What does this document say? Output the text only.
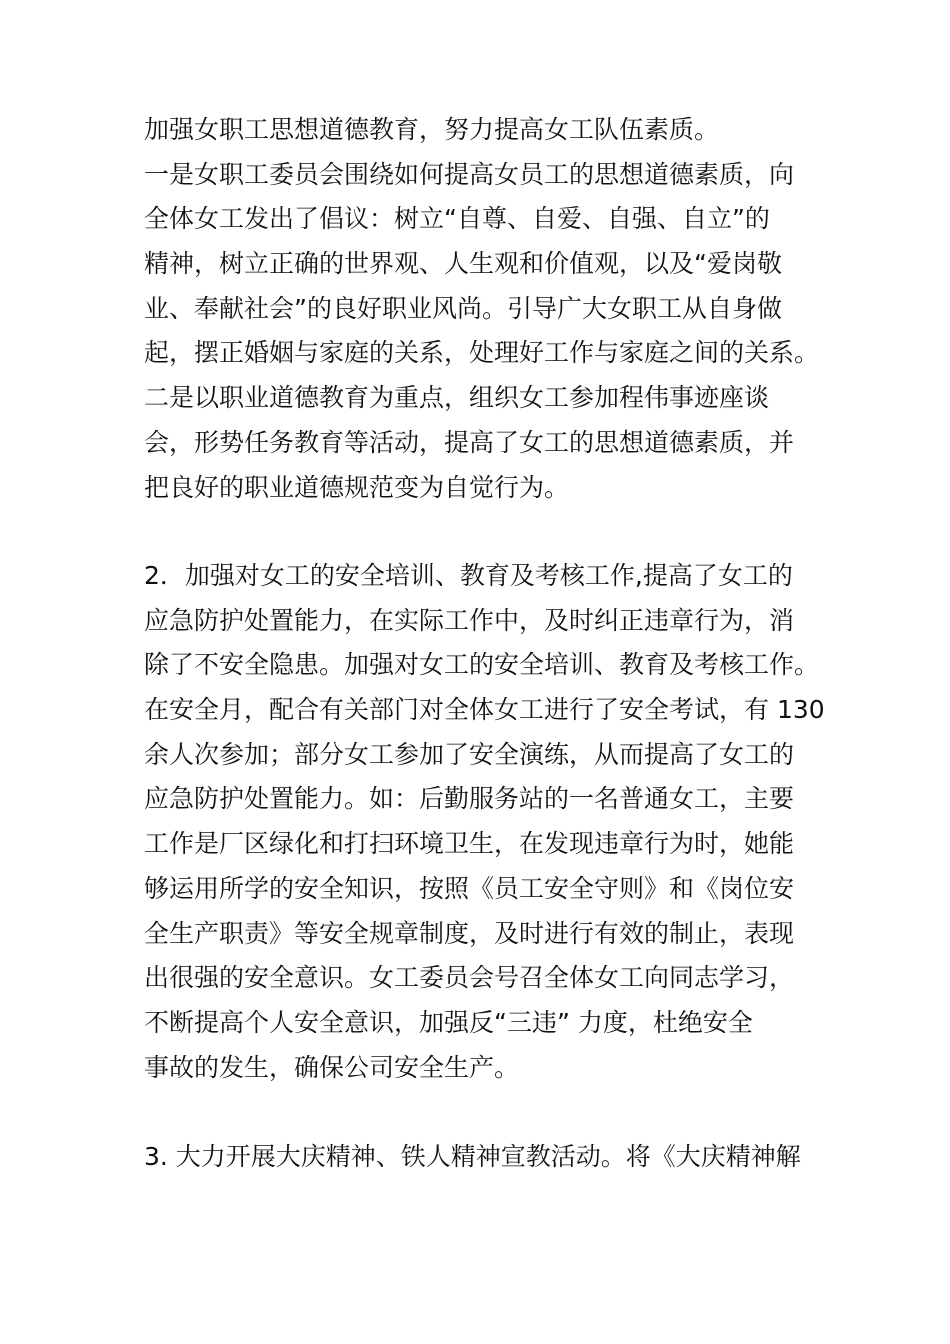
加强女职工思想道德教育，努力提高女工队伍素质。
一是女职工委员会围绕如何提高女员工的思想道德素质，向
全体女工发出了倡议：树立“自尊、自爱、自强、自立”的
精神，树立正确的世界观、人生观和价值观，以及“爱岗敬
业、奉献社会”的良好职业风尚。引导广大女职工从自身做
起，摆正婚姻与家庭的关系，处理好工作与家庭之间的关系。
二是以职业道德教育为重点，组织女工参加程伟事迹座谈
会，形势任务教育等活动，提高了女工的思想道德素质，并
把良好的职业道德规范变为自觉行为。
2．加强对女工的安全培训、教育及考核工作,提高了女工的
应急防护处置能力，在实际工作中，及时纠正违章行为，消
除了不安全隐患。加强对女工的安全培训、教育及考核工作。
在安全月，配合有关部门对全体女工进行了安全考试，有 130
余人次参加；部分女工参加了安全演练，从而提高了女工的
应急防护处置能力。如：后勤服务站的一名普通女工，主要
工作是厂区绿化和打扫环境卫生，在发现违章行为时，她能
够运用所学的安全知识，按照《员工安全守则》和《岗位安
全生产职责》等安全规章制度，及时进行有效的制止，表现
出很强的安全意识。女工委员会号召全体女工向同志学习，
不断提高个人安全意识，加强反“三违” 力度，杜绝安全
事故的发生，确保公司安全生产。
3. 大力开展大庆精神、铁人精神宣教活动。将《大庆精神解
